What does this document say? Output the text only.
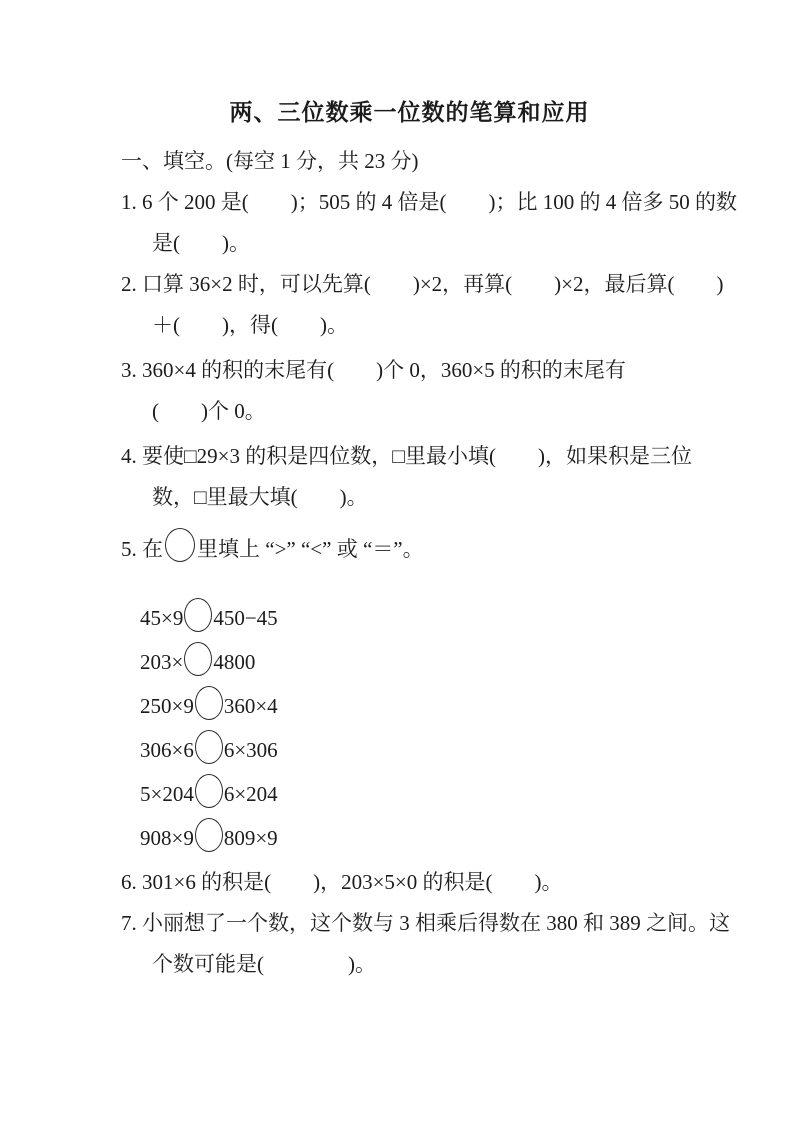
两、三位数乘一位数的笔算和应用
一、填空。(每空 1 分，共 23 分)
1. 6 个 200 是(　　)；505 的 4 倍是(　　)；比 100 的 4 倍多 50 的数
是(　　)。
2. 口算 36×2 时，可以先算(　　)×2，再算(　　)×2，最后算(　　)
＋(　　)，得(　　)。
3. 360×4 的积的末尾有(　　)个 0，360×5 的积的末尾有
(　　)个 0。
4. 要使□29×3 的积是四位数，□里最小填(　　)，如果积是三位
数，□里最大填(　　)。
5. 在 里填上 “>” “<” 或 “＝”。
45×9 450−45
203× 4800
250×9 360×4
306×6 6×306
5×204 6×204
908×9 809×9
6. 301×6 的积是(　　)，203×5×0 的积是(　　)。
7. 小丽想了一个数，这个数与 3 相乘后得数在 380 和 389 之间。这
个数可能是(　　　　)。
